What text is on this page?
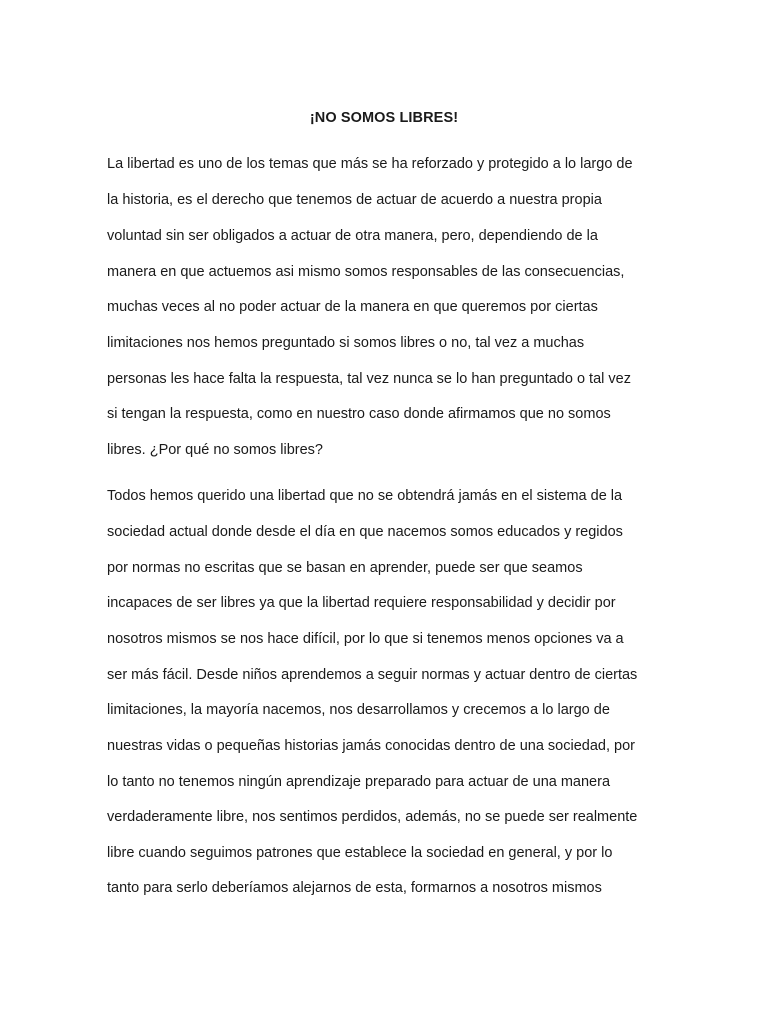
¡NO SOMOS LIBRES!

La libertad es uno de los temas que más se ha reforzado y protegido a lo largo de

la historia, es el derecho que tenemos de actuar de acuerdo a nuestra propia

voluntad sin ser obligados a actuar de otra manera, pero, dependiendo de la

manera en que actuemos asi mismo somos responsables de las consecuencias,

muchas veces al no poder actuar de la manera en que queremos por ciertas

limitaciones nos hemos preguntado si somos libres o no, tal vez a muchas

personas les hace falta la respuesta, tal vez nunca se lo han preguntado o tal vez

si tengan la respuesta, como en nuestro caso donde afirmamos que no somos

libres. ¿Por qué no somos libres?

Todos hemos querido una libertad que no se obtendrá jamás en el sistema de la

sociedad actual donde desde el día en que nacemos somos educados y regidos

por normas no escritas que se basan en aprender, puede ser que seamos

incapaces de ser libres ya que la libertad requiere responsabilidad y decidir por

nosotros mismos se nos hace difícil, por lo que si tenemos menos opciones va a

ser más fácil. Desde niños aprendemos a seguir normas y actuar dentro de ciertas

limitaciones, la mayoría nacemos, nos desarrollamos y crecemos a lo largo de

nuestras vidas o pequeñas historias jamás conocidas dentro de una sociedad, por

lo tanto no tenemos ningún aprendizaje preparado para actuar de una manera

verdaderamente libre, nos sentimos perdidos, además, no se puede ser realmente

libre cuando seguimos patrones que establece la sociedad en general, y por lo

tanto para serlo deberíamos alejarnos de esta, formarnos a nosotros mismos
